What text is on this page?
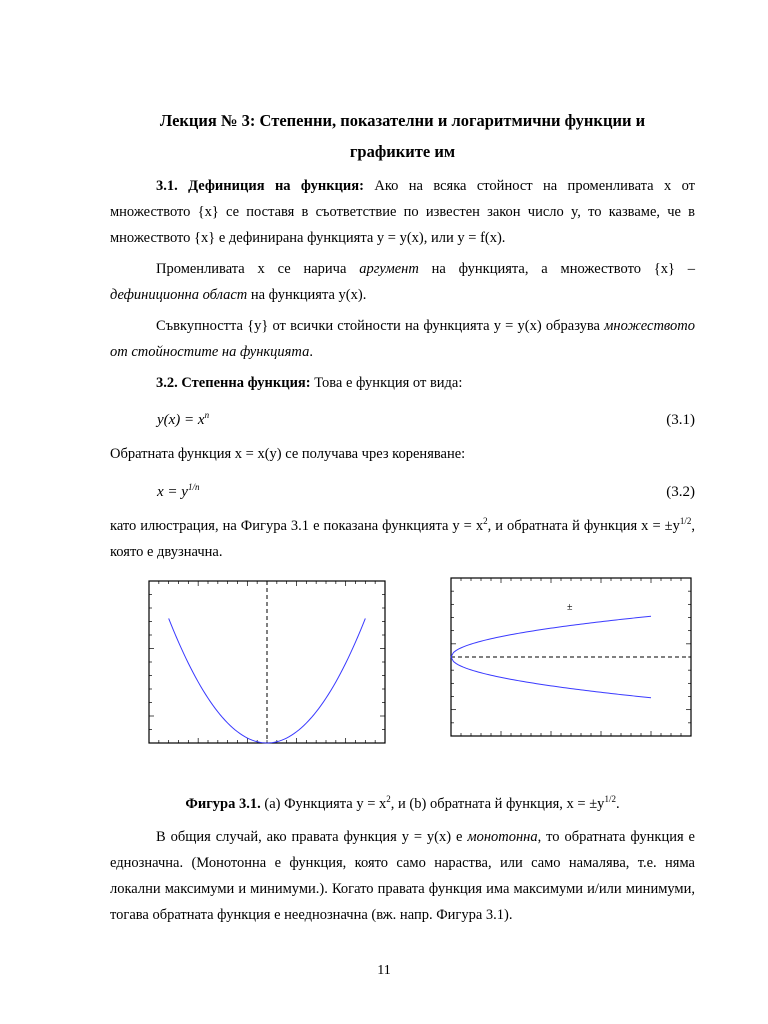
Лекция № 3: Степенни, показателни и логаритмични функции и
графиките им

3.1. Дефиниция на функция: Ако на всяка стойност на променливата x от множеството {x} се поставя в съответствие по известен закон число y, то казваме, че в множеството {x} е дефинирана функцията y = y(x), или y = f(x).

Променливата x се нарича аргумент на функцията, а множеството {x} – дефиниционна област на функцията y(x).

Съвкупността {y} от всички стойности на функцията y = y(x) образува множеството от стойностите на функцията.

3.2. Степенна функция: Това е функция от вида:

$y(x) = x^n$	(3.1)

Обратната функция x = x(y) се получава чрез кореняване:

$x = y^{1/n}$	(3.2)

като илюстрация, на Фигура 3.1 е показана функцията $y = x^2$, и обратната й функция $x = \pm y^{1/2}$, която е двузначна.

±
Фигура 3.1. (a) Функцията $y = x^2$, и (b) обратната й функция, $x = \pm y^{1/2}$.

В общия случай, ако правата функция y = y(x) е монотонна, то обратната функция е еднозначна. (Монотонна е функция, която само нараства, или само намалява, т.е. няма локални максимуми и минимуми.). Когато правата функция има максимуми и/или минимуми, тогава обратната функция е нееднозначна (вж. напр. Фигура 3.1).

11
